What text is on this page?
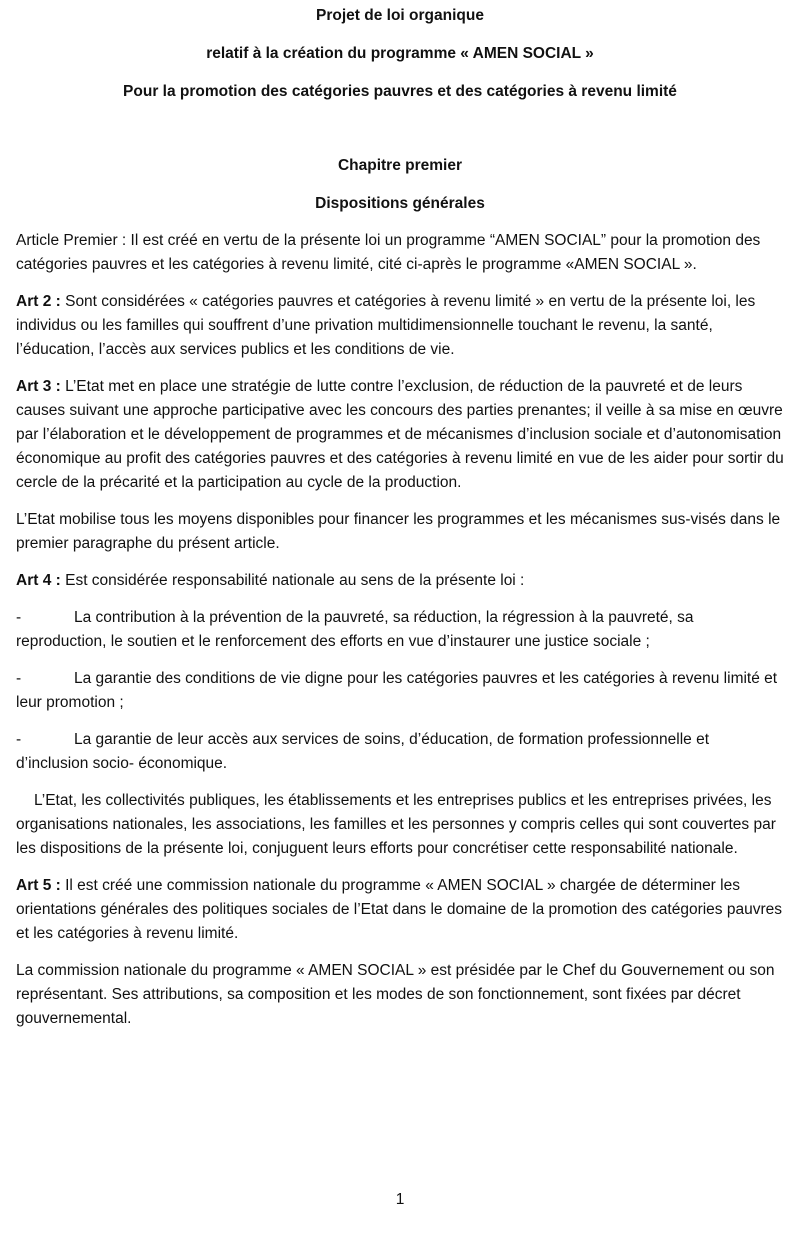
Projet de loi organique
relatif à la création du programme « AMEN SOCIAL »
Pour la promotion des catégories pauvres et des catégories à revenu limité
Chapitre premier
Dispositions générales

Article Premier : Il est créé en vertu de la présente loi un programme “AMEN SOCIAL” pour la promotion des catégories pauvres et les catégories à revenu limité, cité ci-après le programme «AMEN SOCIAL ».

Art 2 : Sont considérées « catégories pauvres et catégories à revenu limité » en vertu de la présente loi, les individus ou les familles qui souffrent d’une privation multidimensionnelle touchant le revenu, la santé, l’éducation, l’accès aux services publics et les conditions de vie.

Art 3 : L’Etat met en place une stratégie de lutte contre l’exclusion, de réduction de la pauvreté et de leurs causes suivant une approche participative avec les concours des parties prenantes; il veille à sa mise en œuvre par l’élaboration et le développement de programmes et de mécanismes d’inclusion sociale et d’autonomisation économique au profit des catégories pauvres et des catégories à revenu limité en vue de les aider pour sortir du cercle de la précarité et la participation au cycle de la production.

L’Etat mobilise tous les moyens disponibles pour financer les programmes et les mécanismes sus-visés dans le premier paragraphe du présent article.

Art 4 : Est considérée responsabilité nationale au sens de la présente loi :

-	La contribution à la prévention de la pauvreté, sa réduction, la régression à la pauvreté, sa reproduction, le soutien et le renforcement des efforts en vue d’instaurer une justice sociale ;

-	La garantie des conditions de vie digne pour les catégories pauvres et les catégories à revenu limité et leur promotion ;

-	La garantie de leur accès aux services de soins, d’éducation, de formation professionnelle et d’inclusion socio- économique.

L’Etat, les collectivités publiques, les établissements et les entreprises publics et les entreprises privées, les organisations nationales, les associations, les familles et les personnes y compris celles qui sont couvertes par les dispositions de la présente loi, conjuguent leurs efforts pour concrétiser cette responsabilité nationale.

Art 5 : Il est créé une commission nationale du programme « AMEN SOCIAL » chargée de déterminer les orientations générales des politiques sociales de l’Etat dans le domaine de la promotion des catégories pauvres et les catégories à revenu limité.

La commission nationale du programme « AMEN SOCIAL » est présidée par le Chef du Gouvernement ou son représentant. Ses attributions, sa composition et les modes de son fonctionnement, sont fixées par décret gouvernemental.

1
